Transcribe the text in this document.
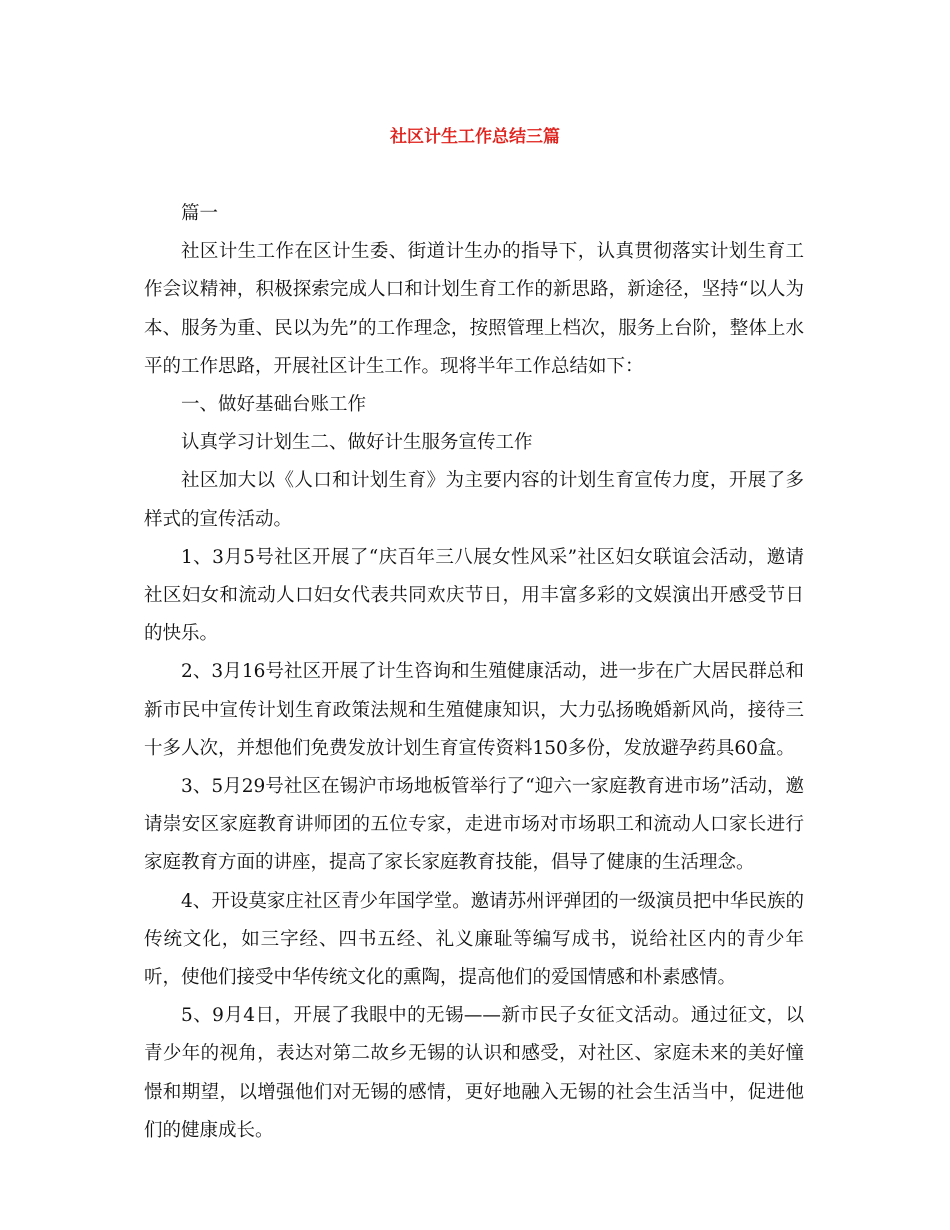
社区计生工作总结三篇

篇一

社区计生工作在区计生委、街道计生办的指导下，认真贯彻落实计划生育工作会议精神，积极探索完成人口和计划生育工作的新思路，新途径，坚持“以人为本、服务为重、民以为先”的工作理念，按照管理上档次，服务上台阶，整体上水平的工作思路，开展社区计生工作。现将半年工作总结如下：

一、做好基础台账工作

认真学习计划生二、做好计生服务宣传工作

社区加大以《人口和计划生育》为主要内容的计划生育宣传力度，开展了多样式的宣传活动。

1、3月5号社区开展了“庆百年三八展女性风采”社区妇女联谊会活动，邀请社区妇女和流动人口妇女代表共同欢庆节日，用丰富多彩的文娱演出开感受节日的快乐。

2、3月16号社区开展了计生咨询和生殖健康活动，进一步在广大居民群总和新市民中宣传计划生育政策法规和生殖健康知识，大力弘扬晚婚新风尚，接待三十多人次，并想他们免费发放计划生育宣传资料150多份，发放避孕药具60盒。

3、5月29号社区在锡沪市场地板管举行了“迎六一家庭教育进市场”活动，邀请崇安区家庭教育讲师团的五位专家，走进市场对市场职工和流动人口家长进行家庭教育方面的讲座，提高了家长家庭教育技能，倡导了健康的生活理念。

4、开设莫家庄社区青少年国学堂。邀请苏州评弹团的一级演员把中华民族的传统文化，如三字经、四书五经、礼义廉耻等编写成书，说给社区内的青少年听，使他们接受中华传统文化的熏陶，提高他们的爱国情感和朴素感情。

5、9月4日，开展了我眼中的无锡——新市民子女征文活动。通过征文，以青少年的视角，表达对第二故乡无锡的认识和感受，对社区、家庭未来的美好憧憬和期望，以增强他们对无锡的感情，更好地融入无锡的社会生活当中，促进他们的健康成长。
